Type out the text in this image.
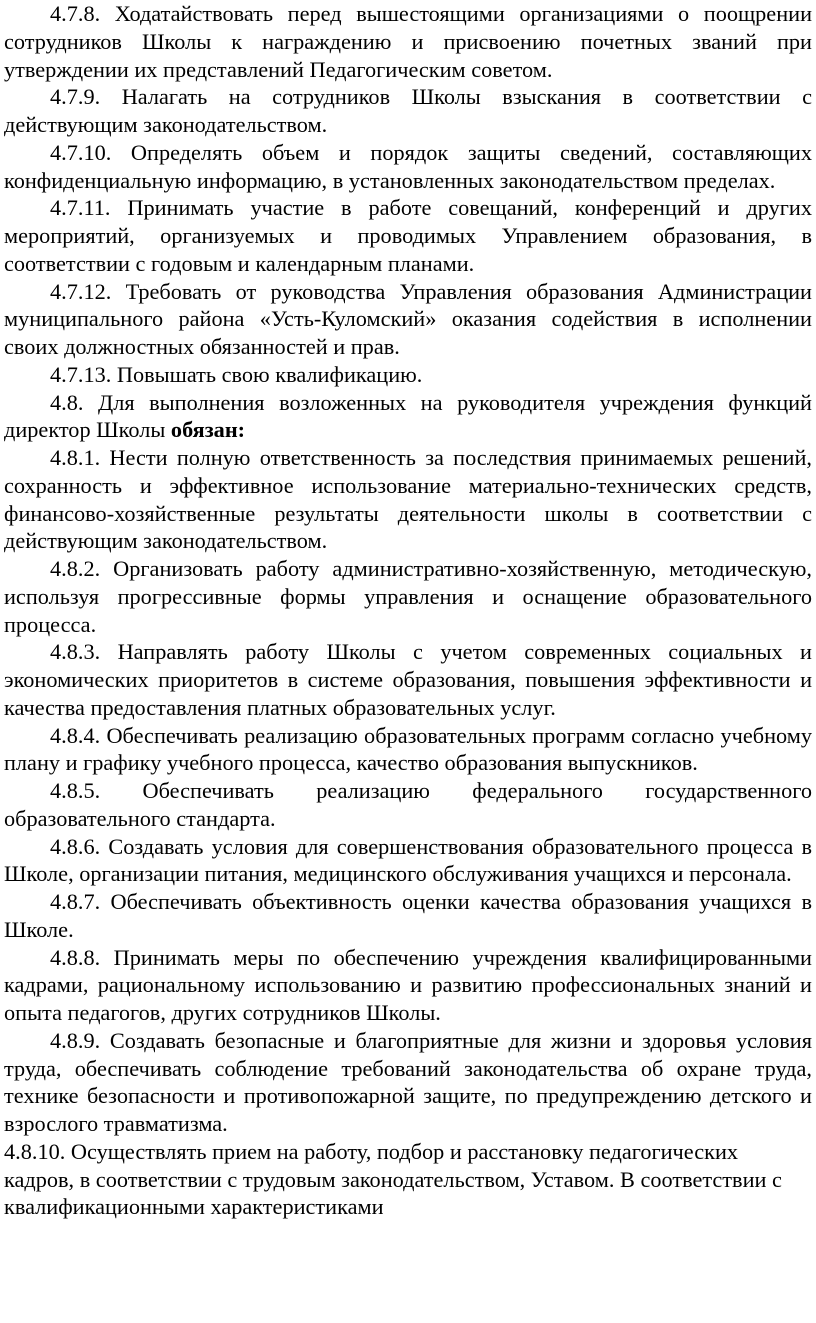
4.7.8. Ходатайствовать перед вышестоящими организациями о поощрении сотрудников Школы к награждению и присвоению почетных званий при утверждении их представлений Педагогическим советом.

4.7.9. Налагать на сотрудников Школы взыскания в соответствии с действующим законодательством.

4.7.10. Определять объем и порядок защиты сведений, составляющих конфиденциальную информацию, в установленных законодательством пределах.

4.7.11. Принимать участие в работе совещаний, конференций и других мероприятий, организуемых и проводимых Управлением образования, в соответствии с годовым и календарным планами.

4.7.12. Требовать от руководства Управления образования Администрации муниципального района «Усть-Куломский» оказания содействия в исполнении своих должностных обязанностей и прав.

4.7.13. Повышать свою квалификацию.

4.8. Для выполнения возложенных на руководителя учреждения функций директор Школы обязан:

4.8.1. Нести полную ответственность за последствия принимаемых решений, сохранность и эффективное использование материально-технических средств, финансово-хозяйственные результаты деятельности школы в соответствии с действующим законодательством.

4.8.2. Организовать работу административно-хозяйственную, методическую, используя прогрессивные формы управления и оснащение образовательного процесса.

4.8.3. Направлять работу Школы с учетом современных социальных и экономических приоритетов в системе образования, повышения эффективности и качества предоставления платных образовательных услуг.

4.8.4. Обеспечивать реализацию образовательных программ согласно учебному плану и графику учебного процесса, качество образования выпускников.

4.8.5. Обеспечивать реализацию федерального государственного образовательного стандарта.

4.8.6. Создавать условия для совершенствования образовательного процесса в Школе, организации питания, медицинского обслуживания учащихся и персонала.

4.8.7. Обеспечивать объективность оценки качества образования учащихся в Школе.

4.8.8. Принимать меры по обеспечению учреждения квалифицированными кадрами, рациональному использованию и развитию профессиональных знаний и опыта педагогов, других сотрудников Школы.

4.8.9. Создавать безопасные и благоприятные для жизни и здоровья условия труда, обеспечивать соблюдение требований законодательства об охране труда, технике безопасности и противопожарной защите, по предупреждению детского и взрослого травматизма.

4.8.10. Осуществлять прием на работу, подбор и расстановку педагогических кадров, в соответствии с трудовым законодательством, Уставом. В соответствии с квалификационными характеристиками
